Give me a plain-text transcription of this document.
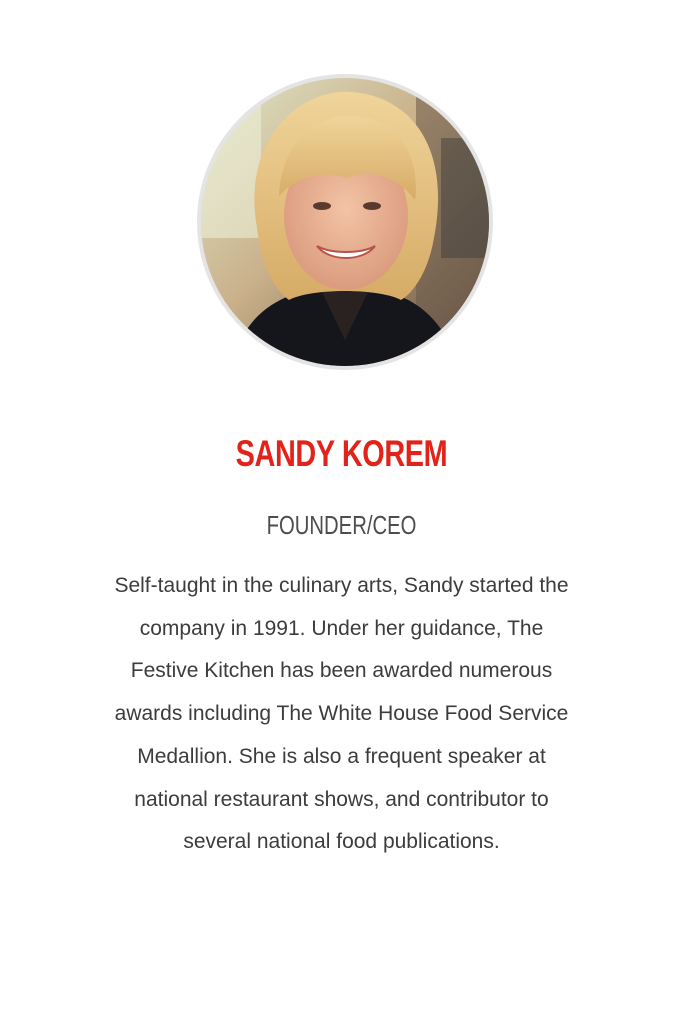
SANDY KOREM
FOUNDER/CEO

Self-taught in the culinary arts, Sandy started the company in 1991. Under her guidance, The Festive Kitchen has been awarded numerous awards including The White House Food Service Medallion. She is also a frequent speaker at national restaurant shows, and contributor to several national food publications.
